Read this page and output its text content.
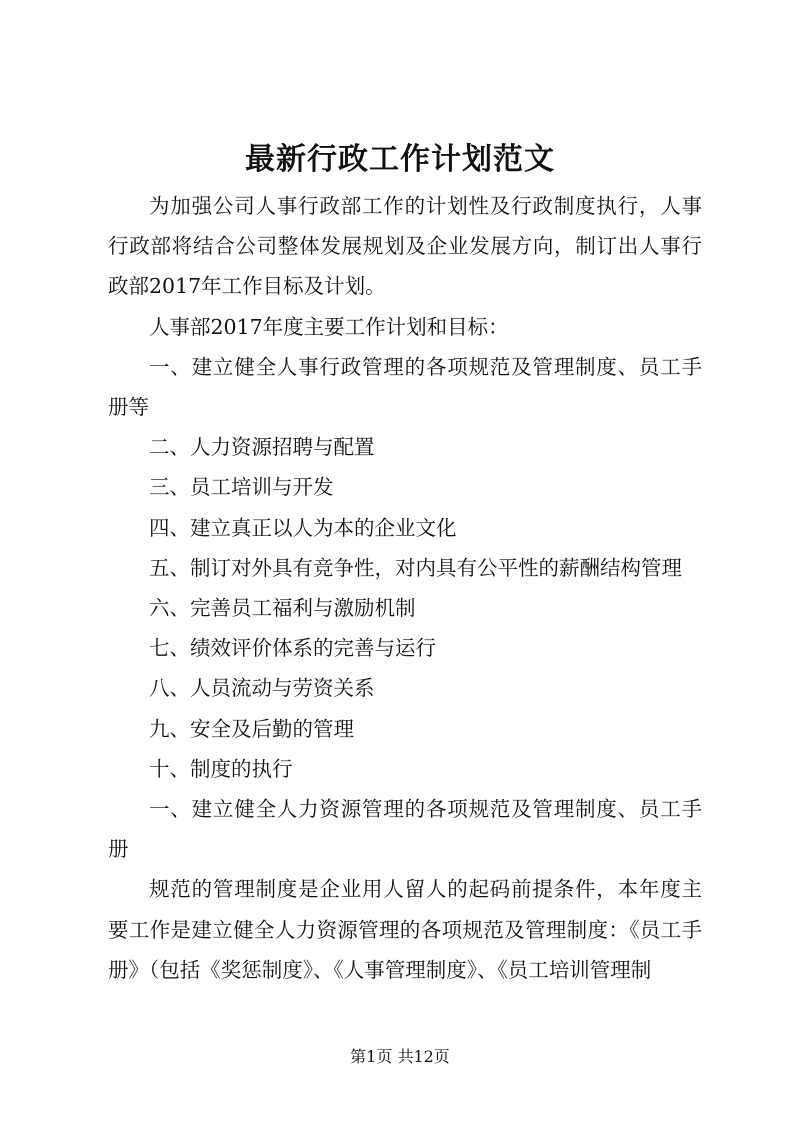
最新行政工作计划范文

为加强公司人事行政部工作的计划性及行政制度执行，人事行政部将结合公司整体发展规划及企业发展方向，制订出人事行政部2017年工作目标及计划。

人事部2017年度主要工作计划和目标：

一、建立健全人事行政管理的各项规范及管理制度、员工手册等

二、人力资源招聘与配置

三、员工培训与开发

四、建立真正以人为本的企业文化

五、制订对外具有竞争性，对内具有公平性的薪酬结构管理

六、完善员工福利与激励机制

七、绩效评价体系的完善与运行

八、人员流动与劳资关系

九、安全及后勤的管理

十、制度的执行

一、建立健全人力资源管理的各项规范及管理制度、员工手册

规范的管理制度是企业用人留人的起码前提条件，本年度主要工作是建立健全人力资源管理的各项规范及管理制度：《员工手册》（包括《奖惩制度》、《人事管理制度》、《员工培训管理制

第1页 共12页
